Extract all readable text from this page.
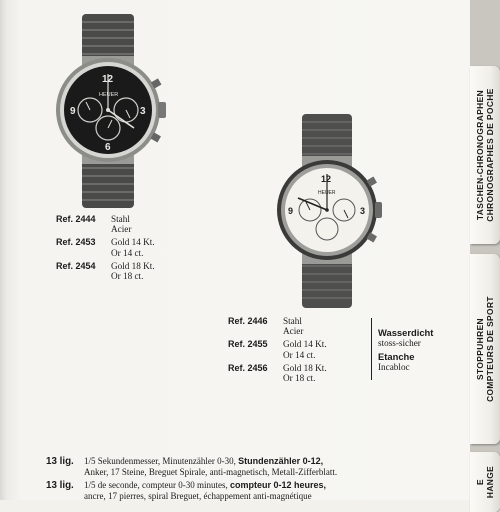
12
3
6
9
HEUER
Ref. 2444	Stahl
Acier
Ref. 2453	Gold 14 Kt.
Or 14 ct.
Ref. 2454	Gold 18 Kt.
Or 18 ct.
12
3
9
HEUER
Ref. 2446	Stahl
Acier
Ref. 2455	Gold 14 Kt.
Or 14 ct.
Ref. 2456	Gold 18 Kt.
Or 18 ct.
Wasserdicht
stoss-sicher
Etanche
Incabloc
13 lig.	1/5 Sekundenmesser, Minutenzähler 0-30, Stundenzähler 0-12,
Anker, 17 Steine, Breguet Spirale, anti-magnetisch, Metall-Zifferblatt.
13 lig.	1/5 de seconde, compteur 0-30 minutes, compteur 0-12 heures,
ancre, 17 pierres, spiral Breguet, échappement anti-magnétique
TASCHEN-CHRONOGRAPHEN CHRONOGRAPHES DE POCHE
STOPPUHREN COMPTEURS DE SPORT
E HANGE
